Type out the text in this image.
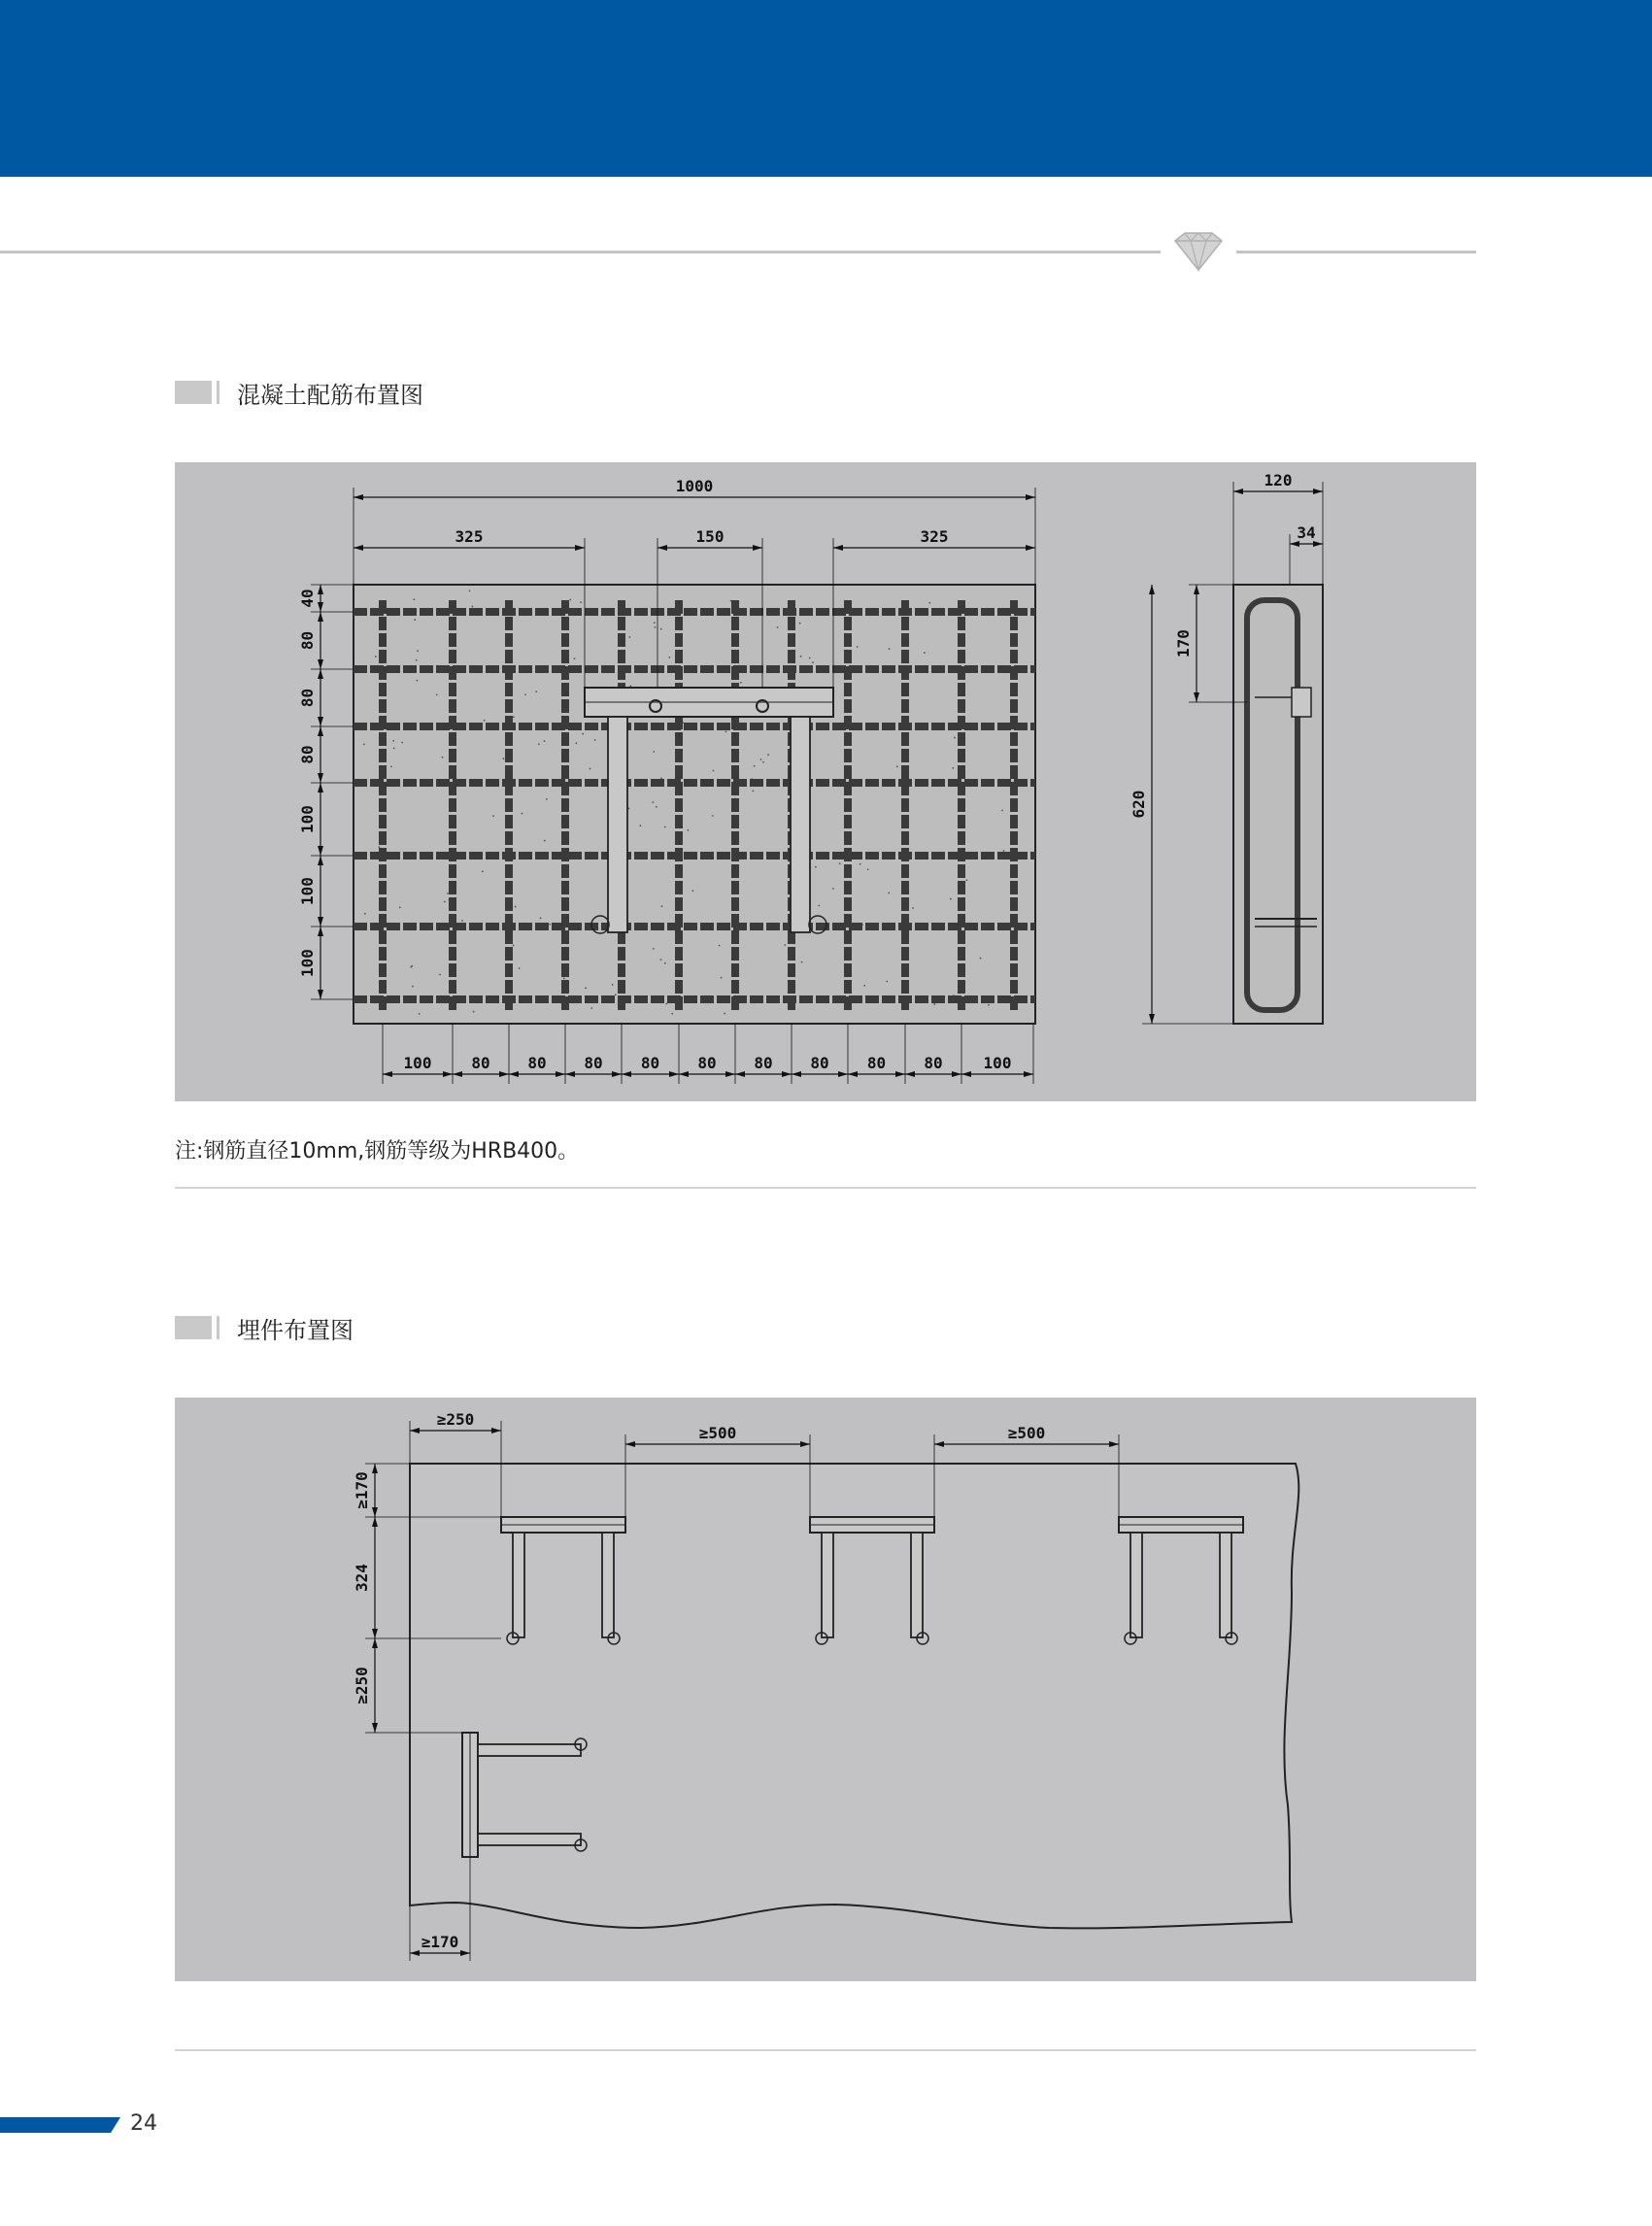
混凝土配筋布置图
1000
325	150	325
40
80
80
80
100
100
100
100	80 80 80 80 80 80 80 80 80	100
120
34
170
620
注:钢筋直径10mm,钢筋等级为HRB400。
埋件布置图
≥250
≥500	≥500
≥170
324
≥250
≥170
24
